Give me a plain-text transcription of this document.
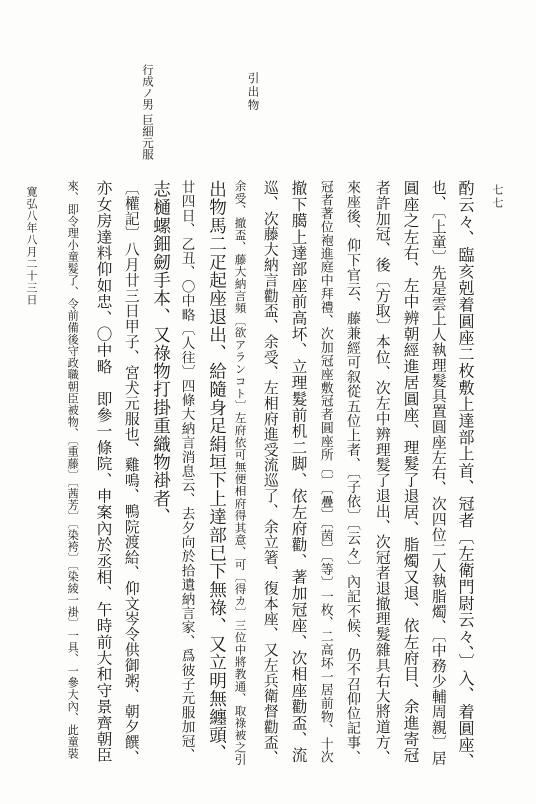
行成ノ男 巨細元服
引出物
寛弘八年八月二十三日	七七
酌云々、臨亥剋着圓座二枚敷上達部上首、冠者〔左衛門尉云々、〕入、着圓座、
也、〔上童〕先是雲上人執理髮具置圓座左右、次四位二人執脂燭、〔中務少輔周親〕居
圓座之左右、左中辨朝經進居圓座、理髮了退居、脂燭又退、依左府目、余進寄冠
者許加冠、後〔方取〕本位、次左中辨理髮了退出、次冠者退撤理髮雜具右大將道方、
來座後、仰下官云、藤兼經可叙從五位上者、〔子依〕〔云々〕內記不候、仍不召仰位記事、
冠者著位袍進庭中拜禮、次加冠座敷冠者圓座所〔〕〔疊〕〔茵〕〔等〕一枚、二高坏一居前物、十次
撤下臈上達部座前高坏、立理髮前机二脚、依左府勸、著加冠座、次相座勸盃、流
巡、次藤大納言勸盃、余受、左相府進受流巡了、余立箸、復本座、又左兵衛督勸盃、
余受、撤盃、藤大納言頻〔欲アランコト〕左府依可無便相府得其意、可〔得カ〕三位中將教通、取祿被之引
出物馬二疋起座退出、給隨身足絹垣下上達部已下無祿、又立明無纏頭、
廿四日、乙丑、〇中略〔人往〕四條大納言消息云、去夕向於拾遺納言家、爲彼子元服加冠、
志樋螺鈿劒手本、又祿物打掛重織物褂者、
〔權記〕八月廿三日甲子、宮犬元服也、雞鳴、鴨院渡給、仰文岑令供御粥、朝夕饌、
亦女房達料仰如忠、〇中略　即參一條院、申案內於丞相、午時前大和守景齊朝臣
來、即令理小童髮了、令前備後守政職朝臣被物、〔重藤〕〔茜芳〕〔染袴〕〔染綾一褂〕一具、一參大內、此童裝
